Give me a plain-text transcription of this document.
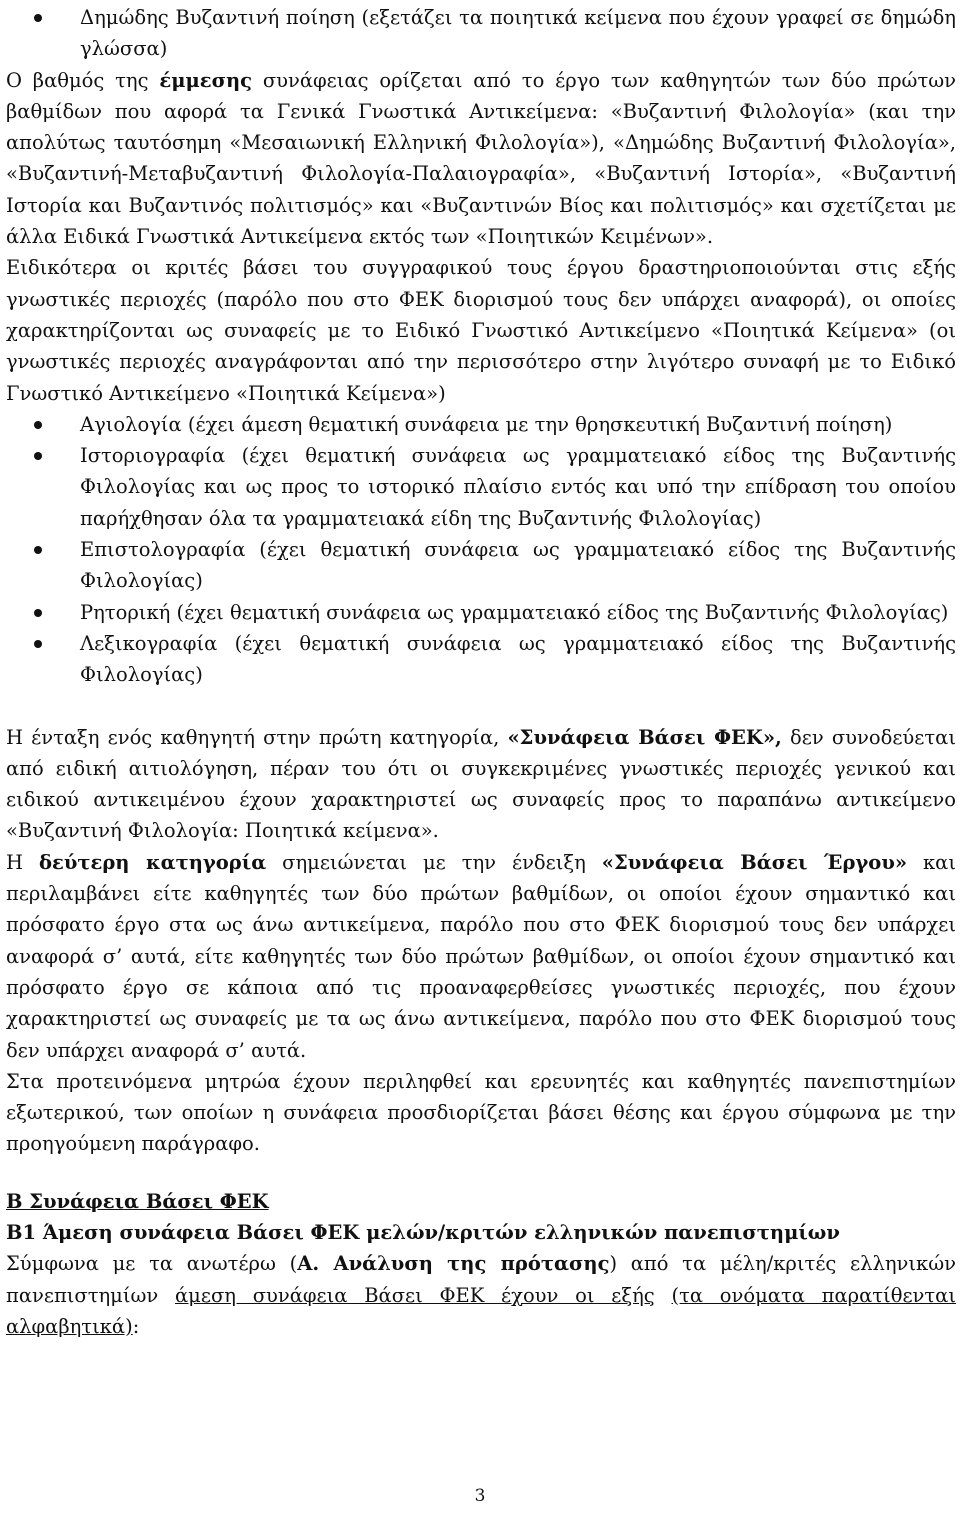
Δημώδης Βυζαντινή ποίηση (εξετάζει τα ποιητικά κείμενα που έχουν γραφεί σε δημώδη γλώσσα)

Ο βαθμός της έμμεσης συνάφειας ορίζεται από το έργο των καθηγητών των δύο πρώτων βαθμίδων που αφορά τα Γενικά Γνωστικά Αντικείμενα: «Βυζαντινή Φιλολογία» (και την απολύτως ταυτόσημη «Μεσαιωνική Ελληνική Φιλολογία»), «Δημώδης Βυζαντινή Φιλολογία», «Βυζαντινή-Μεταβυζαντινή Φιλολογία-Παλαιογραφία», «Βυζαντινή Ιστορία», «Βυζαντινή Ιστορία και Βυζαντινός πολιτισμός» και «Βυζαντινών Βίος και πολιτισμός» και σχετίζεται με άλλα Ειδικά Γνωστικά Αντικείμενα εκτός των «Ποιητικών Κειμένων».

Ειδικότερα οι κριτές βάσει του συγγραφικού τους έργου δραστηριοποιούνται στις εξής γνωστικές περιοχές (παρόλο που στο ΦΕΚ διορισμού τους δεν υπάρχει αναφορά), οι οποίες χαρακτηρίζονται ως συναφείς με το Ειδικό Γνωστικό Αντικείμενο «Ποιητικά Κείμενα» (οι γνωστικές περιοχές αναγράφονται από την περισσότερο στην λιγότερο συναφή με το Ειδικό Γνωστικό Αντικείμενο «Ποιητικά Κείμενα»)

Αγιολογία (έχει άμεση θεματική συνάφεια με την θρησκευτική Βυζαντινή ποίηση)
Ιστοριογραφία (έχει θεματική συνάφεια ως γραμματειακό είδος της Βυζαντινής Φιλολογίας και ως προς το ιστορικό πλαίσιο εντός και υπό την επίδραση του οποίου παρήχθησαν όλα τα γραμματειακά είδη της Βυζαντινής Φιλολογίας)
Επιστολογραφία (έχει θεματική συνάφεια ως γραμματειακό είδος της Βυζαντινής Φιλολογίας)
Ρητορική (έχει θεματική συνάφεια ως γραμματειακό είδος της Βυζαντινής Φιλολογίας)
Λεξικογραφία (έχει θεματική συνάφεια ως γραμματειακό είδος της Βυζαντινής Φιλολογίας)

Η ένταξη ενός καθηγητή στην πρώτη κατηγορία, «Συνάφεια Βάσει ΦΕΚ», δεν συνοδεύεται από ειδική αιτιολόγηση, πέραν του ότι οι συγκεκριμένες γνωστικές περιοχές γενικού και ειδικού αντικειμένου έχουν χαρακτηριστεί ως συναφείς προς το παραπάνω αντικείμενο «Βυζαντινή Φιλολογία: Ποιητικά κείμενα».

Η δεύτερη κατηγορία σημειώνεται με την ένδειξη «Συνάφεια Βάσει Έργου» και περιλαμβάνει είτε καθηγητές των δύο πρώτων βαθμίδων, οι οποίοι έχουν σημαντικό και πρόσφατο έργο στα ως άνω αντικείμενα, παρόλο που στο ΦΕΚ διορισμού τους δεν υπάρχει αναφορά σ’ αυτά, είτε καθηγητές των δύο πρώτων βαθμίδων, οι οποίοι έχουν σημαντικό και πρόσφατο έργο σε κάποια από τις προαναφερθείσες γνωστικές περιοχές, που έχουν χαρακτηριστεί ως συναφείς με τα ως άνω αντικείμενα, παρόλο που στο ΦΕΚ διορισμού τους δεν υπάρχει αναφορά σ’ αυτά.

Στα προτεινόμενα μητρώα έχουν περιληφθεί και ερευνητές και καθηγητές πανεπιστημίων εξωτερικού, των οποίων η συνάφεια προσδιορίζεται βάσει θέσης και έργου σύμφωνα με την προηγούμενη παράγραφο.

Β Συνάφεια Βάσει ΦΕΚ

Β1 Άμεση συνάφεια Βάσει ΦΕΚ μελών/κριτών ελληνικών πανεπιστημίων

Σύμφωνα με τα ανωτέρω (Α. Ανάλυση της πρότασης) από τα μέλη/κριτές ελληνικών πανεπιστημίων άμεση συνάφεια Βάσει ΦΕΚ έχουν οι εξής (τα ονόματα παρατίθενται αλφαβητικά):

3
